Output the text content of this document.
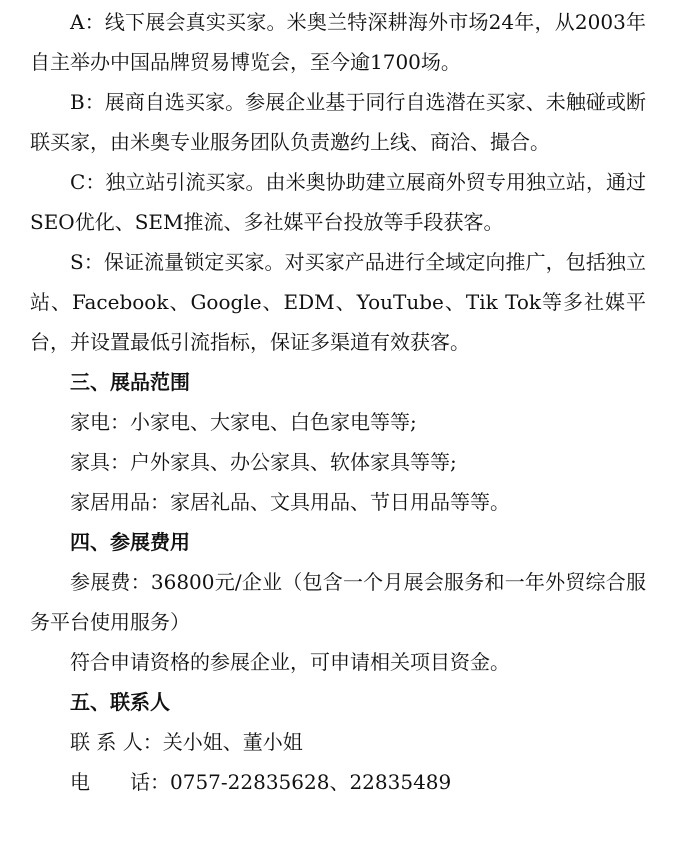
A：线下展会真实买家。米奥兰特深耕海外市场24年，从2003年自主举办中国品牌贸易博览会，至今逾1700场。

B：展商自选买家。参展企业基于同行自选潜在买家、未触碰或断联买家，由米奥专业服务团队负责邀约上线、商洽、撮合。

C：独立站引流买家。由米奥协助建立展商外贸专用独立站，通过SEO优化、SEM推流、多社媒平台投放等手段获客。

S：保证流量锁定买家。对买家产品进行全域定向推广，包括独立站、Facebook、Google、EDM、YouTube、Tik Tok等多社媒平台，并设置最低引流指标，保证多渠道有效获客。

三、展品范围

家电：小家电、大家电、白色家电等等;

家具：户外家具、办公家具、软体家具等等;

家居用品：家居礼品、文具用品、节日用品等等。

四、参展费用

参展费：36800元/企业（包含一个月展会服务和一年外贸综合服务平台使用服务）

符合申请资格的参展企业，可申请相关项目资金。

五、联系人

联 系 人：关小姐、董小姐

电　　话：0757-22835628、22835489
